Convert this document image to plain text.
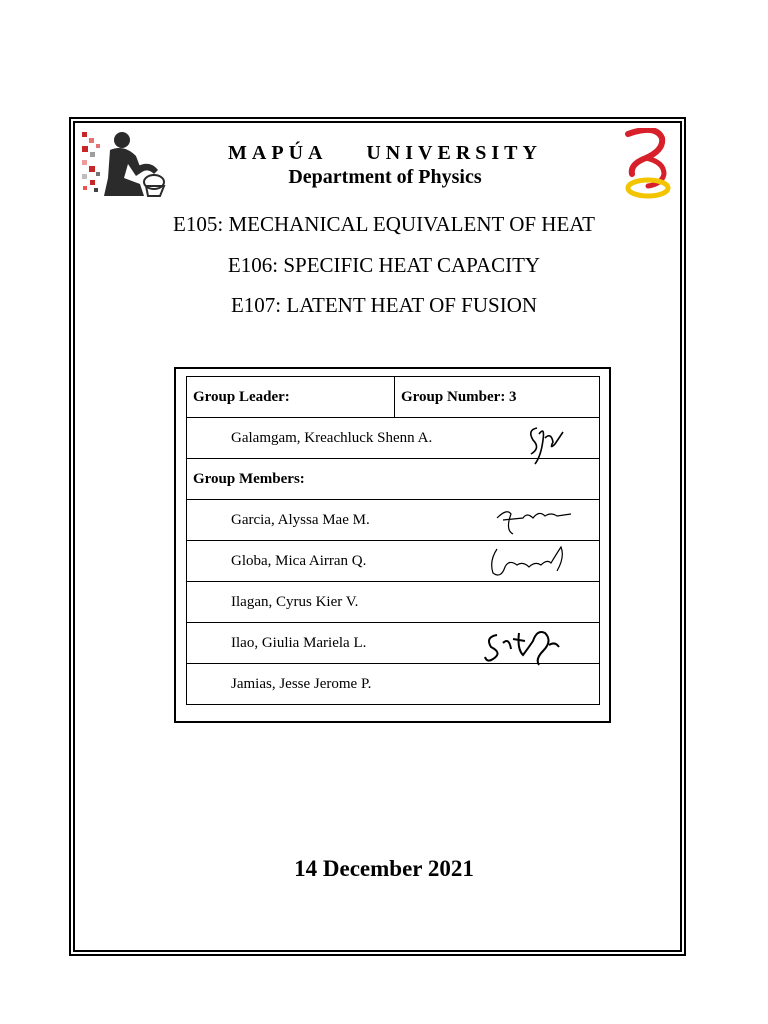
MAPÚA    UNIVERSITY
Department of Physics
E105: MECHANICAL EQUIVALENT OF HEAT
E106: SPECIFIC HEAT CAPACITY
E107: LATENT HEAT OF FUSION
Group Leader:	Group Number: 3
Galamgam, Kreachluck Shenn A.

Group Members:
Garcia, Alyssa Mae M.

Globa, Mica Airran Q.

Ilagan, Cyrus Kier V.
Ilao, Giulia Mariela L.

Jamias, Jesse Jerome P.
14 December 2021
